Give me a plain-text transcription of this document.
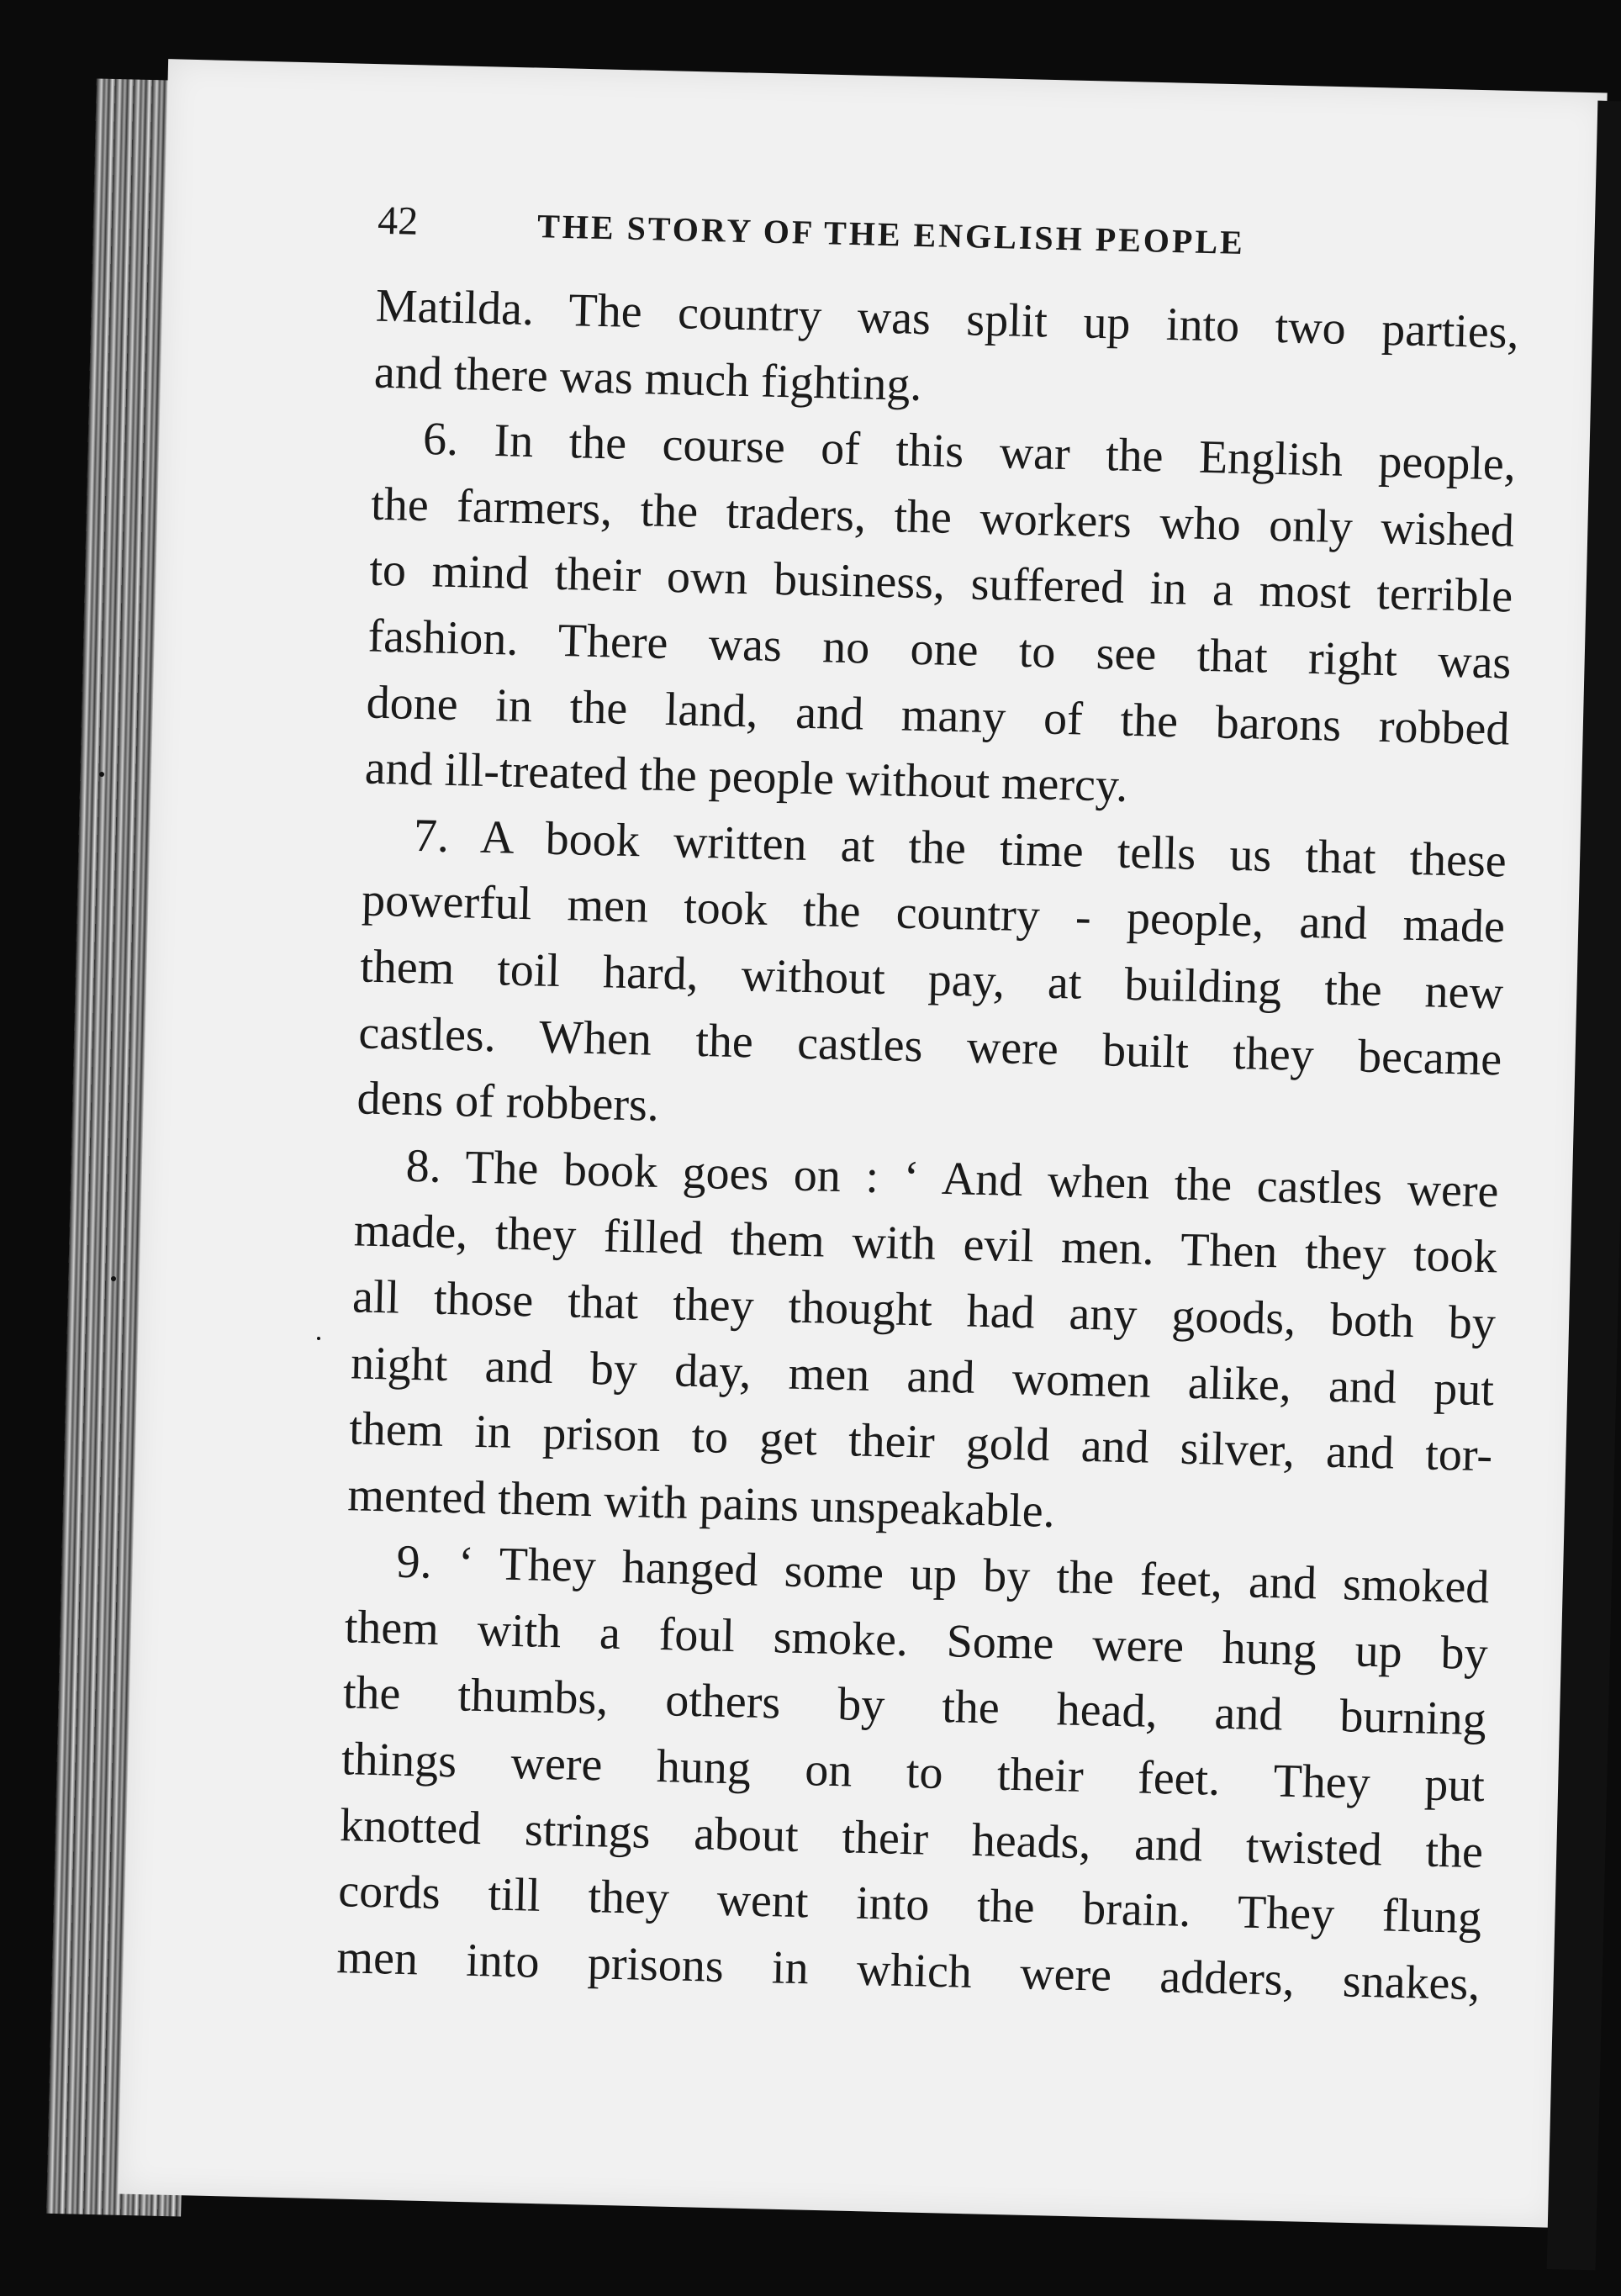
42	THE STORY OF THE ENGLISH PEOPLE
Matilda. The country was split up into two parties,
and there was much fighting.
6. In the course of this war the English people,
the farmers, the traders, the workers who only wished
to mind their own business, suffered in a most terrible
fashion. There was no one to see that right was
done in the land, and many of the barons robbed
and ill-treated the people without mercy.
7. A book written at the time tells us that these
powerful men took the country - people, and made
them toil hard, without pay, at building the new
castles. When the castles were built they became
dens of robbers.
8. The book goes on : ‘ And when the castles were
made, they filled them with evil men. Then they took
all those that they thought had any goods, both by
night and by day, men and women alike, and put
them in prison to get their gold and silver, and tor-
mented them with pains unspeakable.
9. ‘ They hanged some up by the feet, and smoked
them with a foul smoke. Some were hung up by
the thumbs, others by the head, and burning
things were hung on to their feet. They put
knotted strings about their heads, and twisted the
cords till they went into the brain. They flung
men into prisons in which were adders, snakes,
